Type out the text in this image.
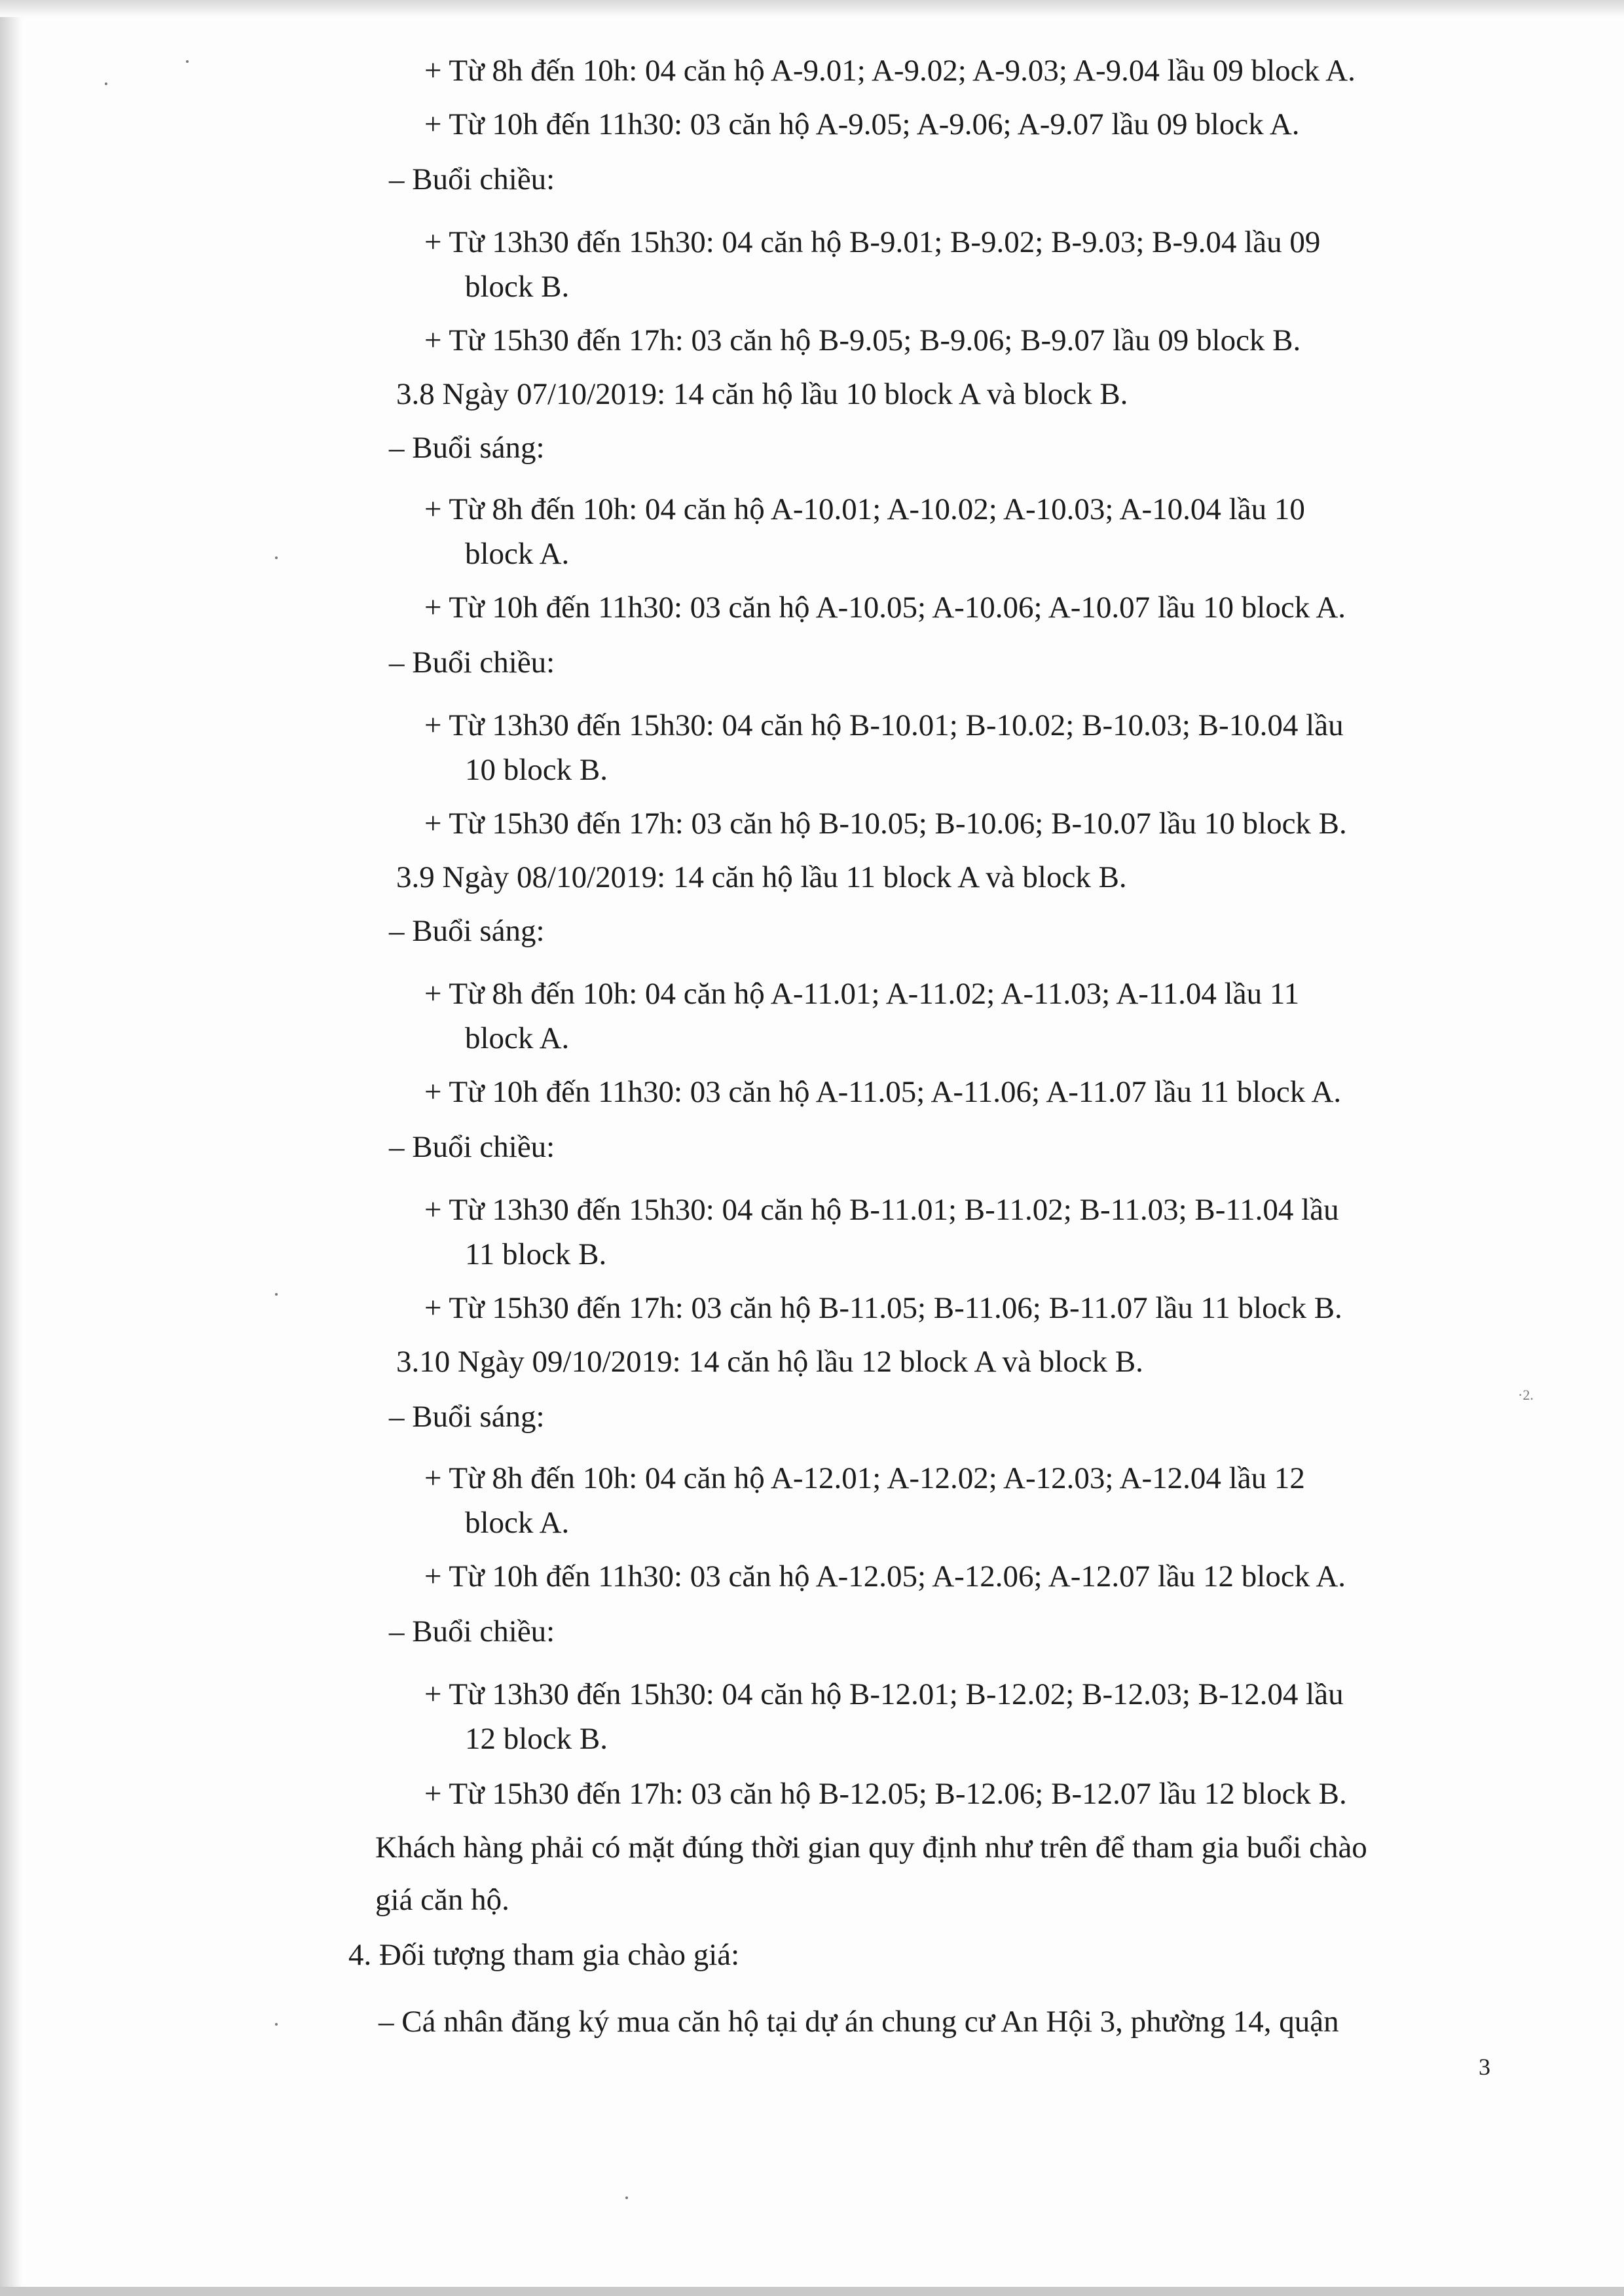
+ Từ 8h đến 10h: 04 căn hộ A-9.01; A-9.02; A-9.03; A-9.04 lầu 09 block A.
+ Từ 10h đến 11h30: 03 căn hộ A-9.05; A-9.06; A-9.07 lầu 09 block A.
– Buổi chiều:
+ Từ 13h30 đến 15h30: 04 căn hộ B-9.01; B-9.02; B-9.03; B-9.04 lầu 09
block B.
+ Từ 15h30 đến 17h: 03 căn hộ B-9.05; B-9.06; B-9.07 lầu 09 block B.
3.8 Ngày 07/10/2019: 14 căn hộ lầu 10 block A và block B.
– Buổi sáng:
+ Từ 8h đến 10h: 04 căn hộ A-10.01; A-10.02; A-10.03; A-10.04 lầu 10
block A.
+ Từ 10h đến 11h30: 03 căn hộ A-10.05; A-10.06; A-10.07 lầu 10 block A.
– Buổi chiều:
+ Từ 13h30 đến 15h30: 04 căn hộ B-10.01; B-10.02; B-10.03; B-10.04 lầu
10 block B.
+ Từ 15h30 đến 17h: 03 căn hộ B-10.05; B-10.06; B-10.07 lầu 10 block B.
3.9 Ngày 08/10/2019: 14 căn hộ lầu 11 block A và block B.
– Buổi sáng:
+ Từ 8h đến 10h: 04 căn hộ A-11.01; A-11.02; A-11.03; A-11.04 lầu 11
block A.
+ Từ 10h đến 11h30: 03 căn hộ A-11.05; A-11.06; A-11.07 lầu 11 block A.
– Buổi chiều:
+ Từ 13h30 đến 15h30: 04 căn hộ B-11.01; B-11.02; B-11.03; B-11.04 lầu
11 block B.
+ Từ 15h30 đến 17h: 03 căn hộ B-11.05; B-11.06; B-11.07 lầu 11 block B.
3.10 Ngày 09/10/2019: 14 căn hộ lầu 12 block A và block B.
– Buổi sáng:
+ Từ 8h đến 10h: 04 căn hộ A-12.01; A-12.02; A-12.03; A-12.04 lầu 12
block A.
+ Từ 10h đến 11h30: 03 căn hộ A-12.05; A-12.06; A-12.07 lầu 12 block A.
– Buổi chiều:
+ Từ 13h30 đến 15h30: 04 căn hộ B-12.01; B-12.02; B-12.03; B-12.04 lầu
12 block B.
+ Từ 15h30 đến 17h: 03 căn hộ B-12.05; B-12.06; B-12.07 lầu 12 block B.
Khách hàng phải có mặt đúng thời gian quy định như trên để tham gia buổi chào
giá căn hộ.
4. Đối tượng tham gia chào giá:
– Cá nhân đăng ký mua căn hộ tại dự án chung cư An Hội 3, phường 14, quận
·2.
3
